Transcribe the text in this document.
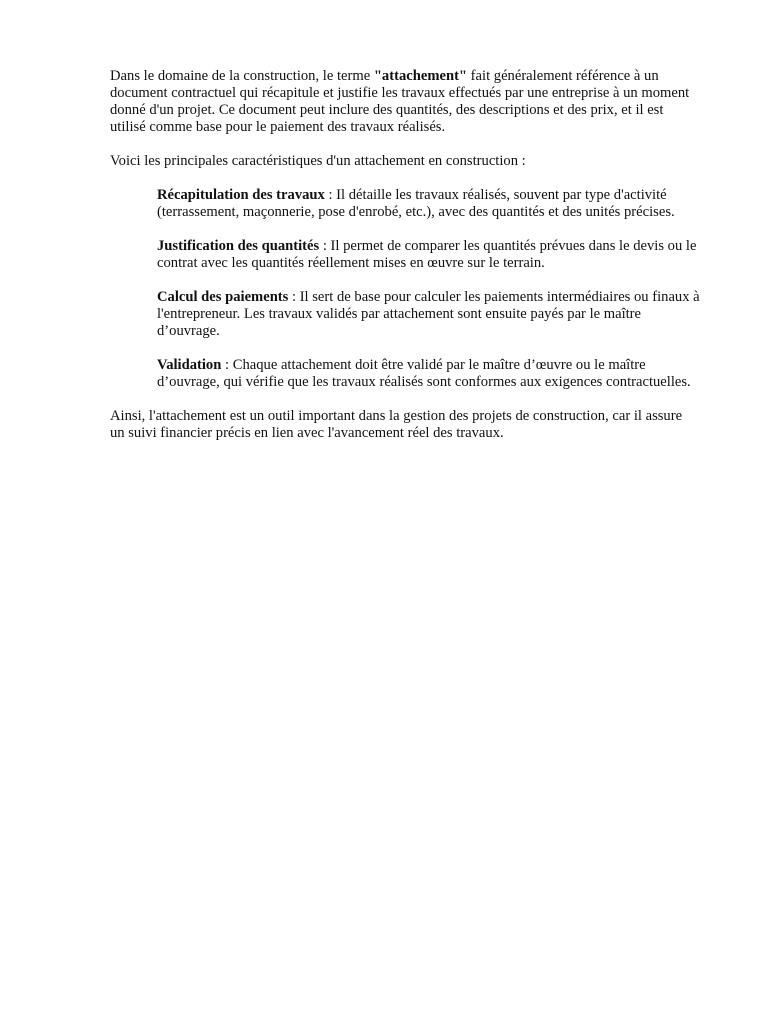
Dans le domaine de la construction, le terme "attachement" fait généralement référence à un document contractuel qui récapitule et justifie les travaux effectués par une entreprise à un moment donné d'un projet. Ce document peut inclure des quantités, des descriptions et des prix, et il est utilisé comme base pour le paiement des travaux réalisés.

Voici les principales caractéristiques d'un attachement en construction :

Récapitulation des travaux : Il détaille les travaux réalisés, souvent par type d'activité (terrassement, maçonnerie, pose d'enrobé, etc.), avec des quantités et des unités précises.

Justification des quantités : Il permet de comparer les quantités prévues dans le devis ou le contrat avec les quantités réellement mises en œuvre sur le terrain.

Calcul des paiements : Il sert de base pour calculer les paiements intermédiaires ou finaux à l'entrepreneur. Les travaux validés par attachement sont ensuite payés par le maître d’ouvrage.

Validation : Chaque attachement doit être validé par le maître d’œuvre ou le maître d’ouvrage, qui vérifie que les travaux réalisés sont conformes aux exigences contractuelles.

Ainsi, l'attachement est un outil important dans la gestion des projets de construction, car il assure un suivi financier précis en lien avec l'avancement réel des travaux.
